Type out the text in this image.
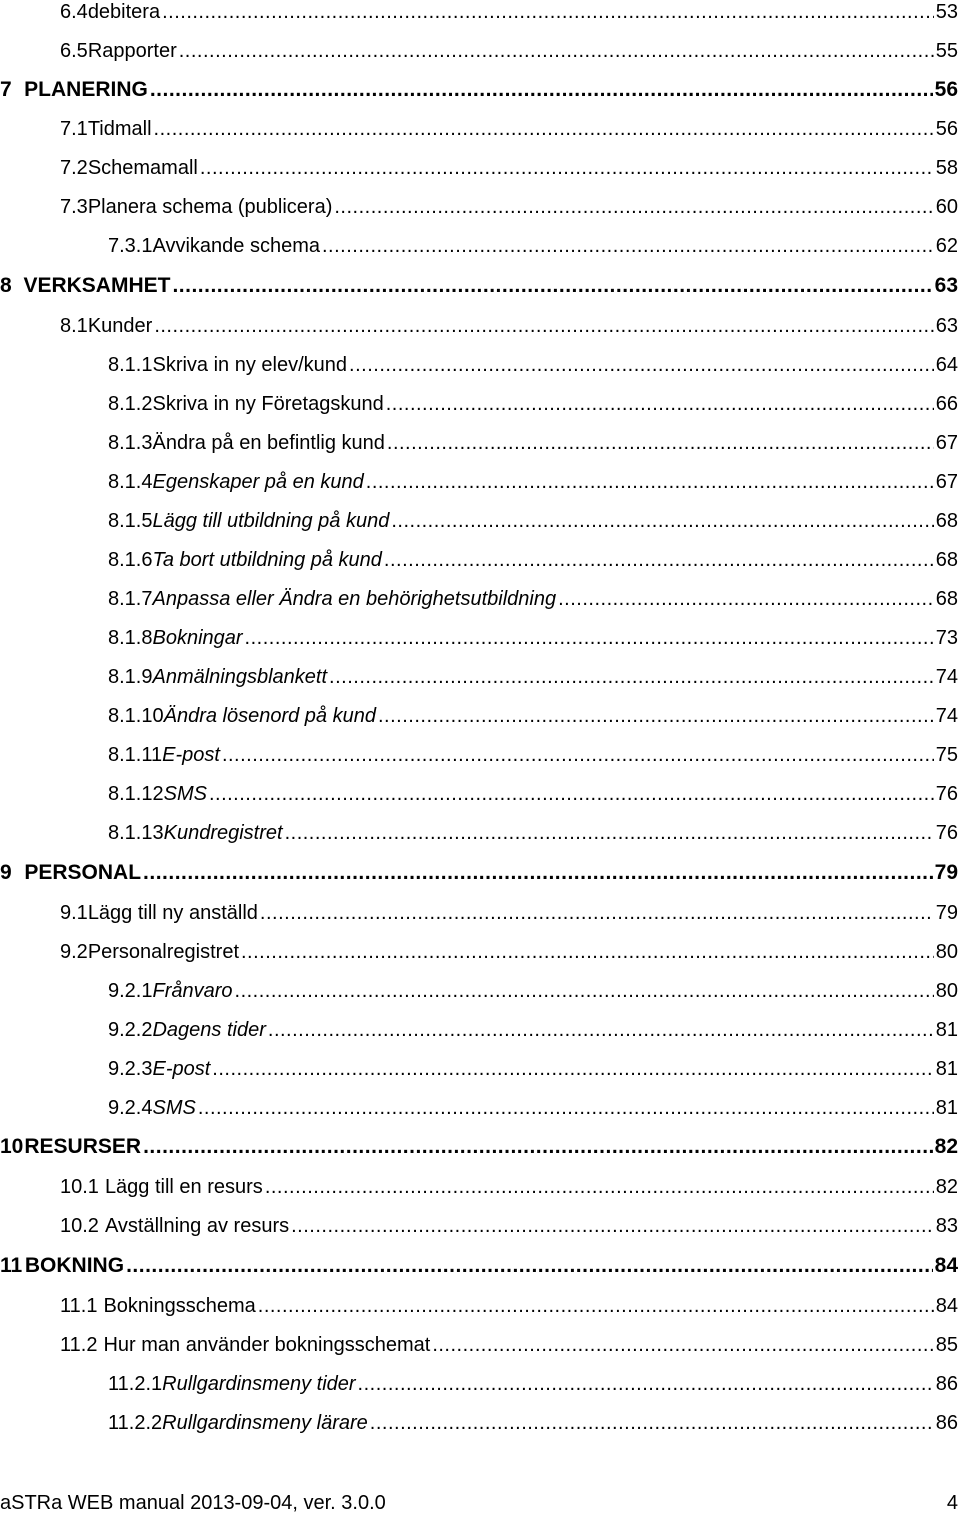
6.4 debitera .....	53
6.5 Rapporter .....	55
7 PLANERING .....	56
7.1 Tidmall .....	56
7.2 Schemamall .....	58
7.3 Planera schema (publicera) .....	60
7.3.1 Avvikande schema .....	62
8 VERKSAMHET .....	63
8.1 Kunder .....	63
8.1.1 Skriva in ny elev/kund .....	64
8.1.2 Skriva in ny Företagskund .....	66
8.1.3 Ändra på en befintlig kund .....	67
8.1.4 Egenskaper på en kund .....	67
8.1.5 Lägg till utbildning på kund .....	68
8.1.6 Ta bort utbildning på kund .....	68
8.1.7 Anpassa eller Ändra en behörighetsutbildning .....	68
8.1.8 Bokningar .....	73
8.1.9 Anmälningsblankett .....	74
8.1.10 Ändra lösenord på kund .....	74
8.1.11 E-post .....	75
8.1.12 SMS .....	76
8.1.13 Kundregistret .....	76
9 PERSONAL .....	79
9.1 Lägg till ny anställd .....	79
9.2 Personalregistret .....	80
9.2.1 Frånvaro .....	80
9.2.2 Dagens tider .....	81
9.2.3 E-post .....	81
9.2.4 SMS .....	81
10 RESURSER .....	82
10.1 Lägg till en resurs .....	82
10.2 Avställning av resurs .....	83
11 BOKNING .....	84
11.1 Bokningsschema .....	84
11.2 Hur man använder bokningsschemat .....	85
11.2.1 Rullgardinsmeny tider .....	86
11.2.2 Rullgardinsmeny lärare .....	86
aSTRa WEB manual 2013-09-04, ver. 3.0.0	4
